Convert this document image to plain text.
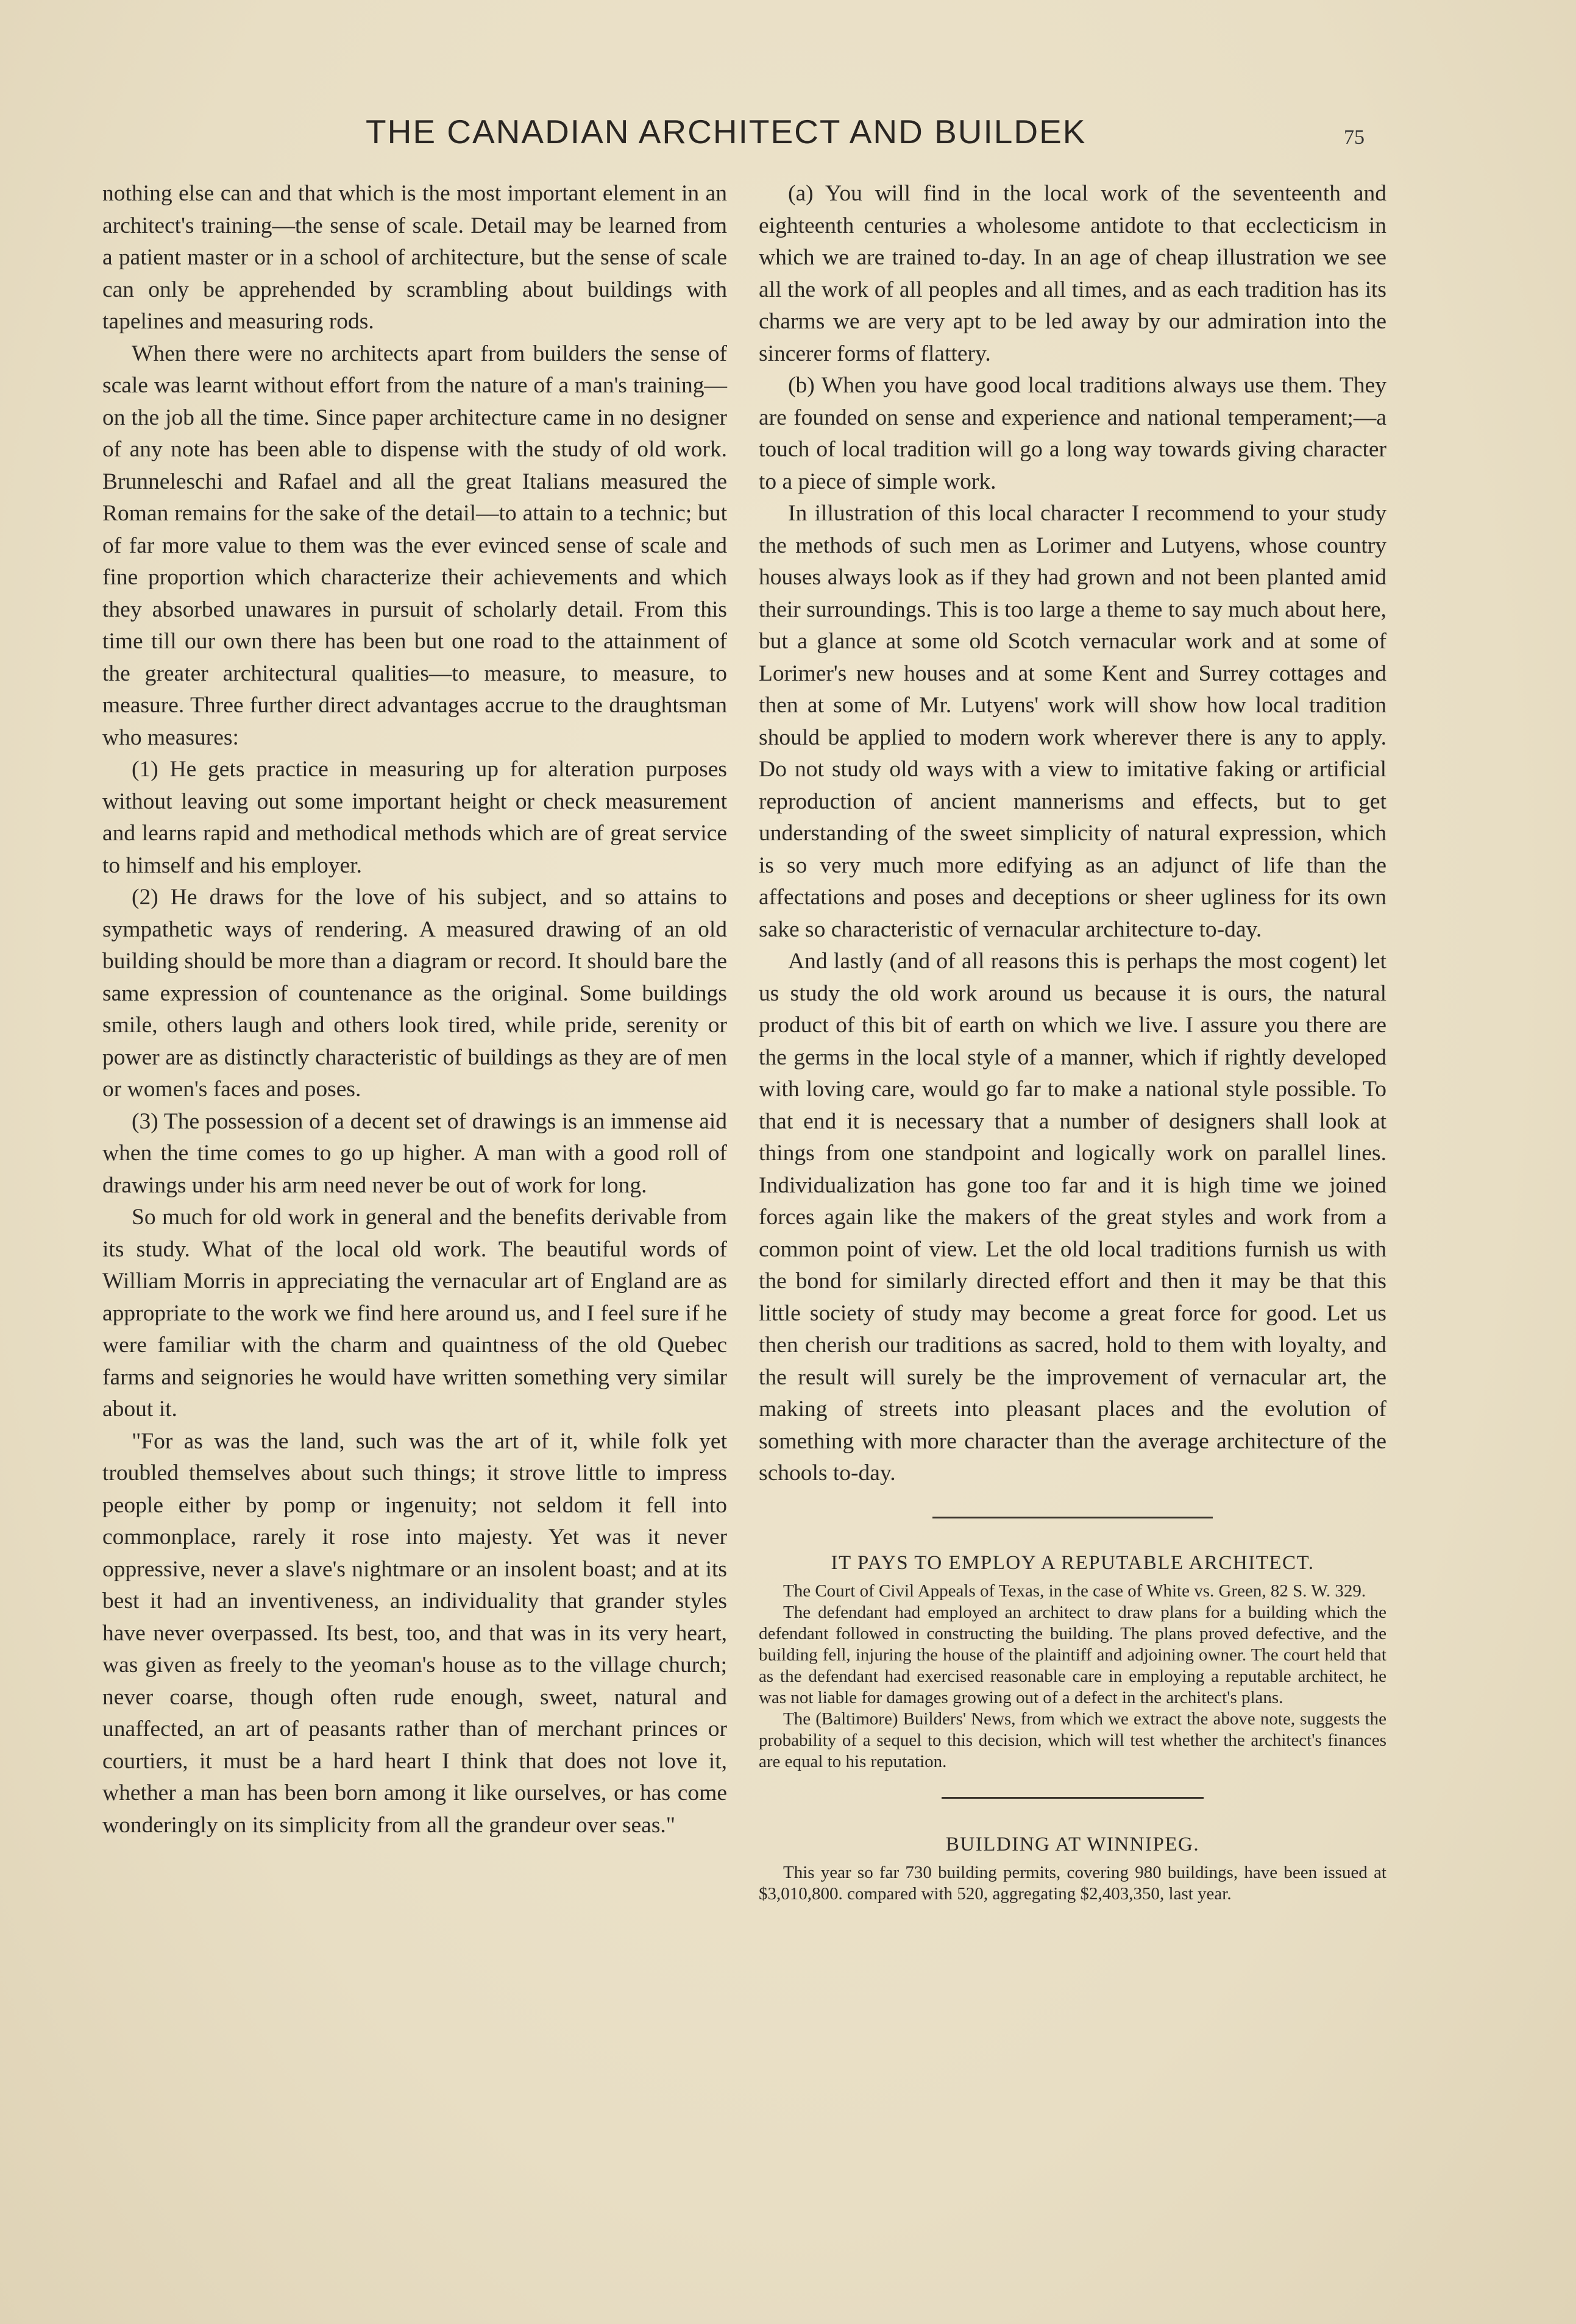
THE CANADIAN ARCHITECT AND BUILDEK	75

nothing else can and that which is the most important element in an architect's training—the sense of scale. Detail may be learned from a patient master or in a school of architecture, but the sense of scale can only be apprehended by scrambling about buildings with tapelines and measuring rods.

When there were no architects apart from builders the sense of scale was learnt without effort from the nature of a man's training—on the job all the time. Since paper architecture came in no designer of any note has been able to dispense with the study of old work. Brunneleschi and Rafael and all the great Italians measured the Roman remains for the sake of the detail—to attain to a technic; but of far more value to them was the ever evinced sense of scale and fine proportion which characterize their achievements and which they absorbed unawares in pursuit of scholarly detail. From this time till our own there has been but one road to the attainment of the greater architectural qualities—to measure, to measure, to measure. Three further direct advantages accrue to the draughtsman who measures:

(1) He gets practice in measuring up for alteration purposes without leaving out some important height or check measurement and learns rapid and methodical methods which are of great service to himself and his employer.

(2) He draws for the love of his subject, and so attains to sympathetic ways of rendering. A measured drawing of an old building should be more than a diagram or record. It should bare the same expression of countenance as the original. Some buildings smile, others laugh and others look tired, while pride, serenity or power are as distinctly characteristic of buildings as they are of men or women's faces and poses.

(3) The possession of a decent set of drawings is an immense aid when the time comes to go up higher. A man with a good roll of drawings under his arm need never be out of work for long.

So much for old work in general and the benefits derivable from its study. What of the local old work. The beautiful words of William Morris in appreciating the vernacular art of England are as appropriate to the work we find here around us, and I feel sure if he were familiar with the charm and quaintness of the old Quebec farms and seignories he would have written something very similar about it.

"For as was the land, such was the art of it, while folk yet troubled themselves about such things; it strove little to impress people either by pomp or ingenuity; not seldom it fell into commonplace, rarely it rose into majesty. Yet was it never oppressive, never a slave's nightmare or an insolent boast; and at its best it had an inventiveness, an individuality that grander styles have never overpassed. Its best, too, and that was in its very heart, was given as freely to the yeoman's house as to the village church; never coarse, though often rude enough, sweet, natural and unaffected, an art of peasants rather than of merchant princes or courtiers, it must be a hard heart I think that does not love it, whether a man has been born among it like ourselves, or has come wonderingly on its simplicity from all the grandeur over seas."

(a) You will find in the local work of the seventeenth and eighteenth centuries a wholesome antidote to that ecclecticism in which we are trained to-day. In an age of cheap illustration we see all the work of all peoples and all times, and as each tradition has its charms we are very apt to be led away by our admiration into the sincerer forms of flattery.

(b) When you have good local traditions always use them. They are founded on sense and experience and national temperament;—a touch of local tradition will go a long way towards giving character to a piece of simple work.

In illustration of this local character I recommend to your study the methods of such men as Lorimer and Lutyens, whose country houses always look as if they had grown and not been planted amid their surroundings. This is too large a theme to say much about here, but a glance at some old Scotch vernacular work and at some of Lorimer's new houses and at some Kent and Surrey cottages and then at some of Mr. Lutyens' work will show how local tradition should be applied to modern work wherever there is any to apply. Do not study old ways with a view to imitative faking or artificial reproduction of ancient mannerisms and effects, but to get understanding of the sweet simplicity of natural expression, which is so very much more edifying as an adjunct of life than the affectations and poses and deceptions or sheer ugliness for its own sake so characteristic of vernacular architecture to-day.

And lastly (and of all reasons this is perhaps the most cogent) let us study the old work around us because it is ours, the natural product of this bit of earth on which we live. I assure you there are the germs in the local style of a manner, which if rightly developed with loving care, would go far to make a national style possible. To that end it is necessary that a number of designers shall look at things from one standpoint and logically work on parallel lines. Individualization has gone too far and it is high time we joined forces again like the makers of the great styles and work from a common point of view. Let the old local traditions furnish us with the bond for similarly directed effort and then it may be that this little society of study may become a great force for good. Let us then cherish our traditions as sacred, hold to them with loyalty, and the result will surely be the improvement of vernacular art, the making of streets into pleasant places and the evolution of something with more character than the average architecture of the schools to-day.

IT PAYS TO EMPLOY A REPUTABLE ARCHITECT.

The Court of Civil Appeals of Texas, in the case of White vs. Green, 82 S. W. 329.

The defendant had employed an architect to draw plans for a building which the defendant followed in constructing the building. The plans proved defective, and the building fell, injuring the house of the plaintiff and adjoining owner. The court held that as the defendant had exercised reasonable care in employing a reputable architect, he was not liable for damages growing out of a defect in the architect's plans.

The (Baltimore) Builders' News, from which we extract the above note, suggests the probability of a sequel to this decision, which will test whether the architect's finances are equal to his reputation.

BUILDING AT WINNIPEG.

This year so far 730 building permits, covering 980 buildings, have been issued at $3,010,800. compared with 520, aggregating $2,403,350, last year.
